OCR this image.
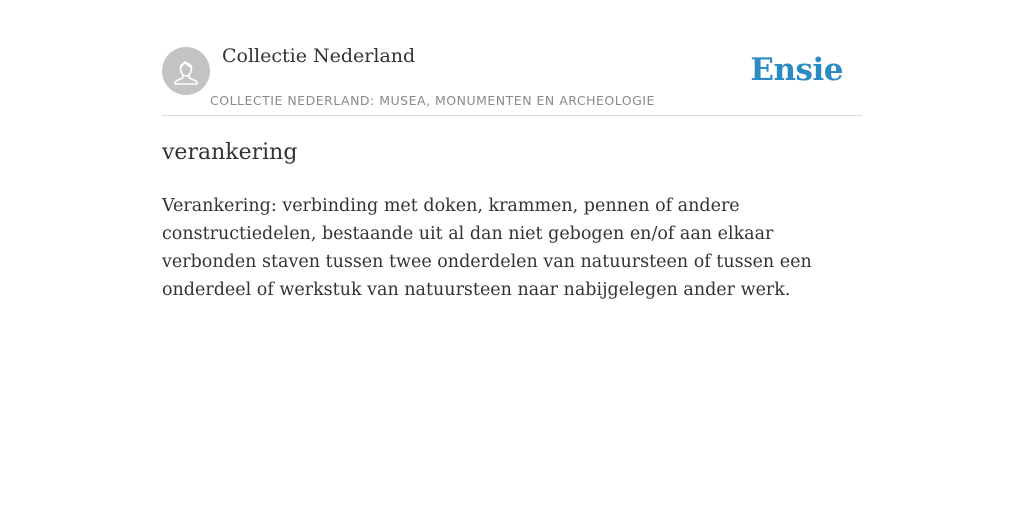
Collectie Nederland
COLLECTIE NEDERLAND: MUSEA, MONUMENTEN EN ARCHEOLOGIE
Ensie
verankering

Verankering: verbinding met doken, krammen, pennen of andere constructiedelen, bestaande uit al dan niet gebogen en/of aan elkaar verbonden staven tussen twee onderdelen van natuursteen of tussen een onderdeel of werkstuk van natuursteen naar nabijgelegen ander werk.
